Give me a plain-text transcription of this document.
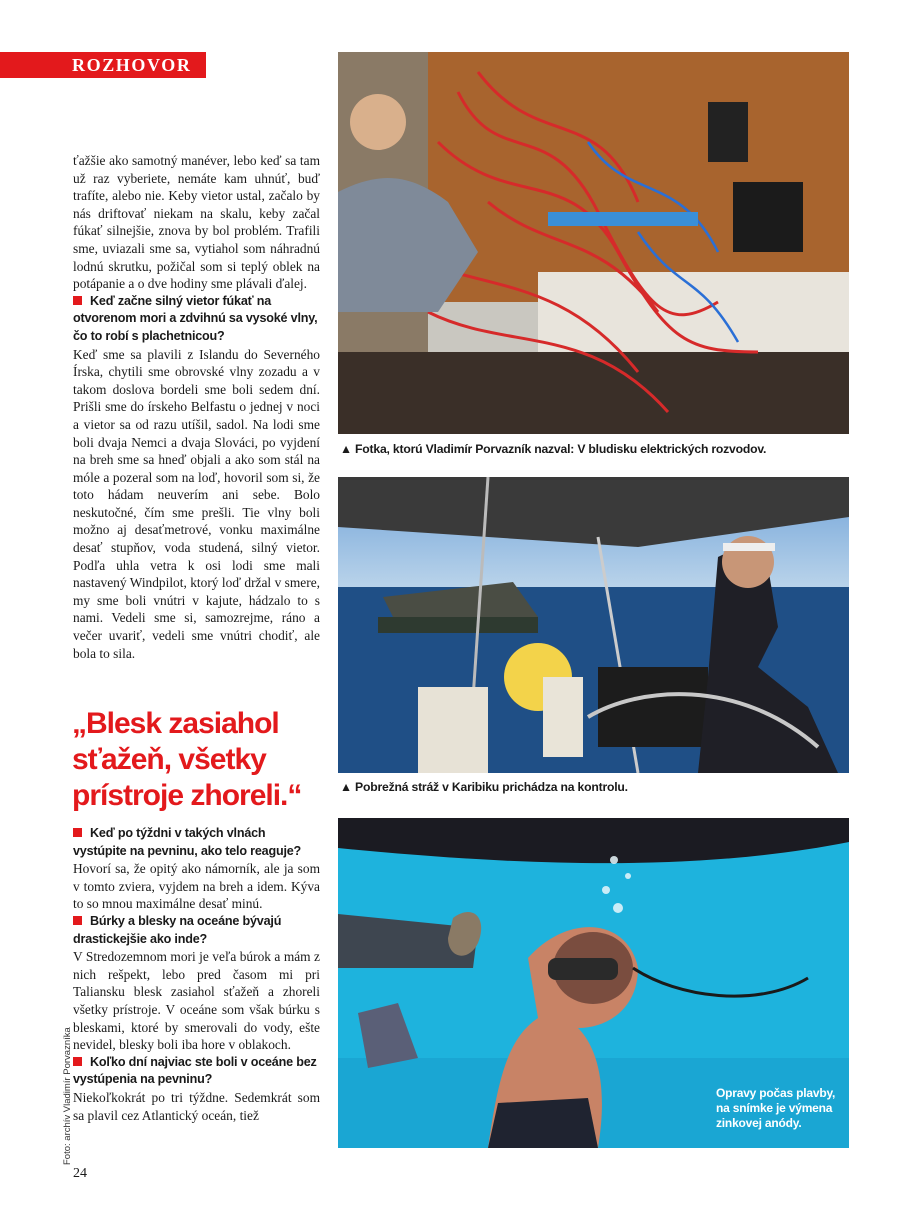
ROZHOVOR

ťažšie ako samotný manéver, lebo keď sa tam už raz vyberiete, nemáte kam uhnúť, buď trafíte, alebo nie. Keby vietor ustal, začalo by nás driftovať niekam na skalu, keby začal fúkať silnejšie, znova by bol problém. Trafili sme, uviazali sme sa, vytiahol som náhradnú lodnú skrutku, požičal som si teplý oblek na potápanie a o dve hodiny sme plávali ďalej.

Keď začne silný vietor fúkať na otvorenom mori a zdvihnú sa vysoké vlny, čo to robí s plachetnicou?

Keď sme sa plavili z Islandu do Severného Írska, chytili sme obrovské vlny zozadu a v takom doslova bordeli sme boli sedem dní. Prišli sme do írskeho Belfastu o jednej v noci a vietor sa od razu utíšil, sadol. Na lodi sme boli dvaja Nemci a dvaja Slováci, po vyjdení na breh sme sa hneď objali a ako som stál na móle a pozeral som na loď, hovoril som si, že toto hádam neuverím ani sebe. Bolo neskutočné, čím sme prešli. Tie vlny boli možno aj desaťmetrové, vonku maximálne desať stupňov, voda studená, silný vietor. Podľa uhla vetra k osi lodi sme mali nastavený Windpilot, ktorý loď držal v smere, my sme boli vnútri v kajute, hádzalo to s nami. Vedeli sme si, samozrejme, ráno a večer uvariť, vedeli sme vnútri chodiť, ale bola to sila.

„Blesk zasiahol sťažeň, všetky prístroje zhoreli.“

Keď po týždni v takých vlnách vystúpite na pevninu, ako telo reaguje?

Hovorí sa, že opitý ako námorník, ale ja som v tomto zviera, vyjdem na breh a idem. Kýva to so mnou maximálne desať minú.

Búrky a blesky na oceáne bývajú drastickejšie ako inde?

V Stredozemnom mori je veľa búrok a mám z nich rešpekt, lebo pred časom mi pri Taliansku blesk zasiahol sťažeň a zhoreli všetky prístroje. V oceáne som však búrku s bleskami, ktoré by smerovali do vody, ešte nevidel, blesky boli iba hore v oblakoch.

Koľko dní najviac ste boli v oceáne bez vystúpenia na pevninu?

Niekoľkokrát po tri týždne. Sedemkrát som sa plavil cez Atlantický oceán, tiež

▲ Fotka, ktorú Vladimír Porvazník nazval: V bludisku elektrických rozvodov.
▲ Pobrežná stráž v Karibiku prichádza na kontrolu.
Opravy počas plavby, na snímke je výmena zinkovej anódy.
Foto: archív Vladimír Porvazníka
24
